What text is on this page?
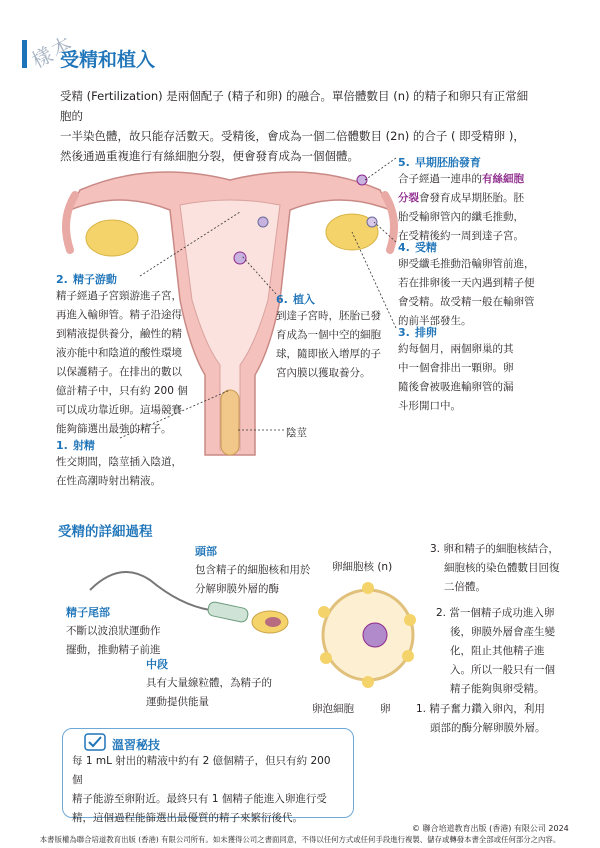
樣本
受精和植入
受精 (Fertilization) 是兩個配子 (精子和卵) 的融合。單倍體數目 (n) 的精子和卵只有正常細胞的
一半染色體，故只能存活數天。受精後，會成為一個二倍體數目 (2n) 的合子 ( 即受精卵 )，
然後通過重複進行有絲細胞分裂，便會發育成為一個個體。	5. 早期胚胎發育
合子經過一連串的有絲細胞
分裂會發育成早期胚胎。胚
胎受輸卵管內的纖毛推動，
在受精後約一周到達子宮。
4. 受精
卵受纖毛推動沿輸卵管前進，
若在排卵後一天內遇到精子便
會受精。故受精一般在輸卵管
的前半部發生。
3. 排卵
約每個月，兩個卵巢的其
中一個會排出一顆卵。卵
隨後會被吸進輸卵管的漏
斗形開口中。
6. 植入
到達子宮時，胚胎已發
育成為一個中空的細胞
球，隨即嵌入增厚的子
宮內膜以獲取養分。
2. 精子游動
精子經過子宮頸游進子宮，
再進入輸卵管。精子沿途得
到精液提供養分，鹼性的精
液亦能中和陰道的酸性環境
以保護精子。在排出的數以
億計精子中，只有約 200 個
可以成功靠近卵。這場競賽
能夠篩選出最強的精子。
1. 射精
性交期間，陰莖插入陰道，
在性高潮時射出精液。
陰莖
受精的詳細過程
頭部
包含精子的細胞核和用於
分解卵膜外層的酶
精子尾部
不斷以波浪狀運動作
擺動，推動精子前進
中段
具有大量線粒體，為精子的
運動提供能量
卵細胞核 (n)
卵泡細胞 卵
3. 卵和精子的細胞核結合，
細胞核的染色體數目回復
二倍體。
2. 當一個精子成功進入卵
後，卵膜外層會產生變
化，阻止其他精子進
入。所以一般只有一個
精子能夠與卵受精。
1. 精子奮力鑽入卵內，利用
頭部的酶分解卵膜外層。
溫習秘技
每 1 mL 射出的精液中約有 2 億個精子，但只有約 200 個
精子能游至卵附近。最終只有 1 個精子能進入卵進行受
精，這個過程能篩選出最優質的精子來繁衍後代。
© 聯合培道教育出版 (香港) 有限公司 2024
本書版權為聯合培道教育出版 (香港) 有限公司所有。如未獲得公司之書面同意，不得以任何方式或任何手段進行複製、儲存或轉發本書全部或任何部分之內容。
